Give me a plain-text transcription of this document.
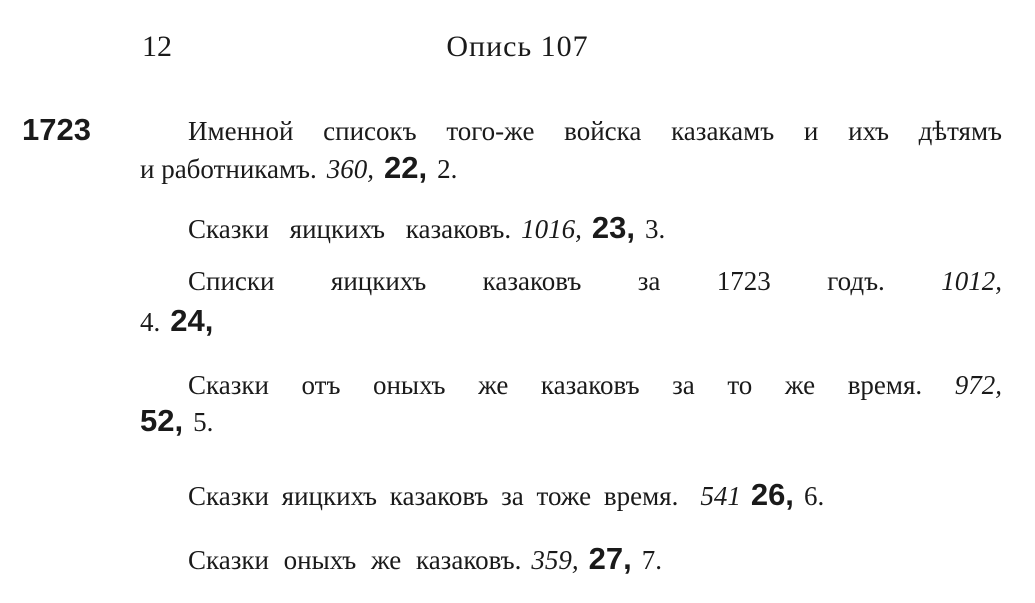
12	Опись 107
1723	Именной списокъ того-же войска казакамъ и ихъ дѣтямъ
и работникамъ. 360, 22, 2.
Сказки яицкихъ казаковъ. 1016, 23, 3.
Списки яицкихъ казаковъ за 1723 годъ. 1012,
4. 24,
Сказки отъ оныхъ же казаковъ за то же время. 972,
52, 5.
Сказки яицкихъ казаковъ за тоже время. 541 26, 6.
Сказки оныхъ же казаковъ. 359, 27, 7.
